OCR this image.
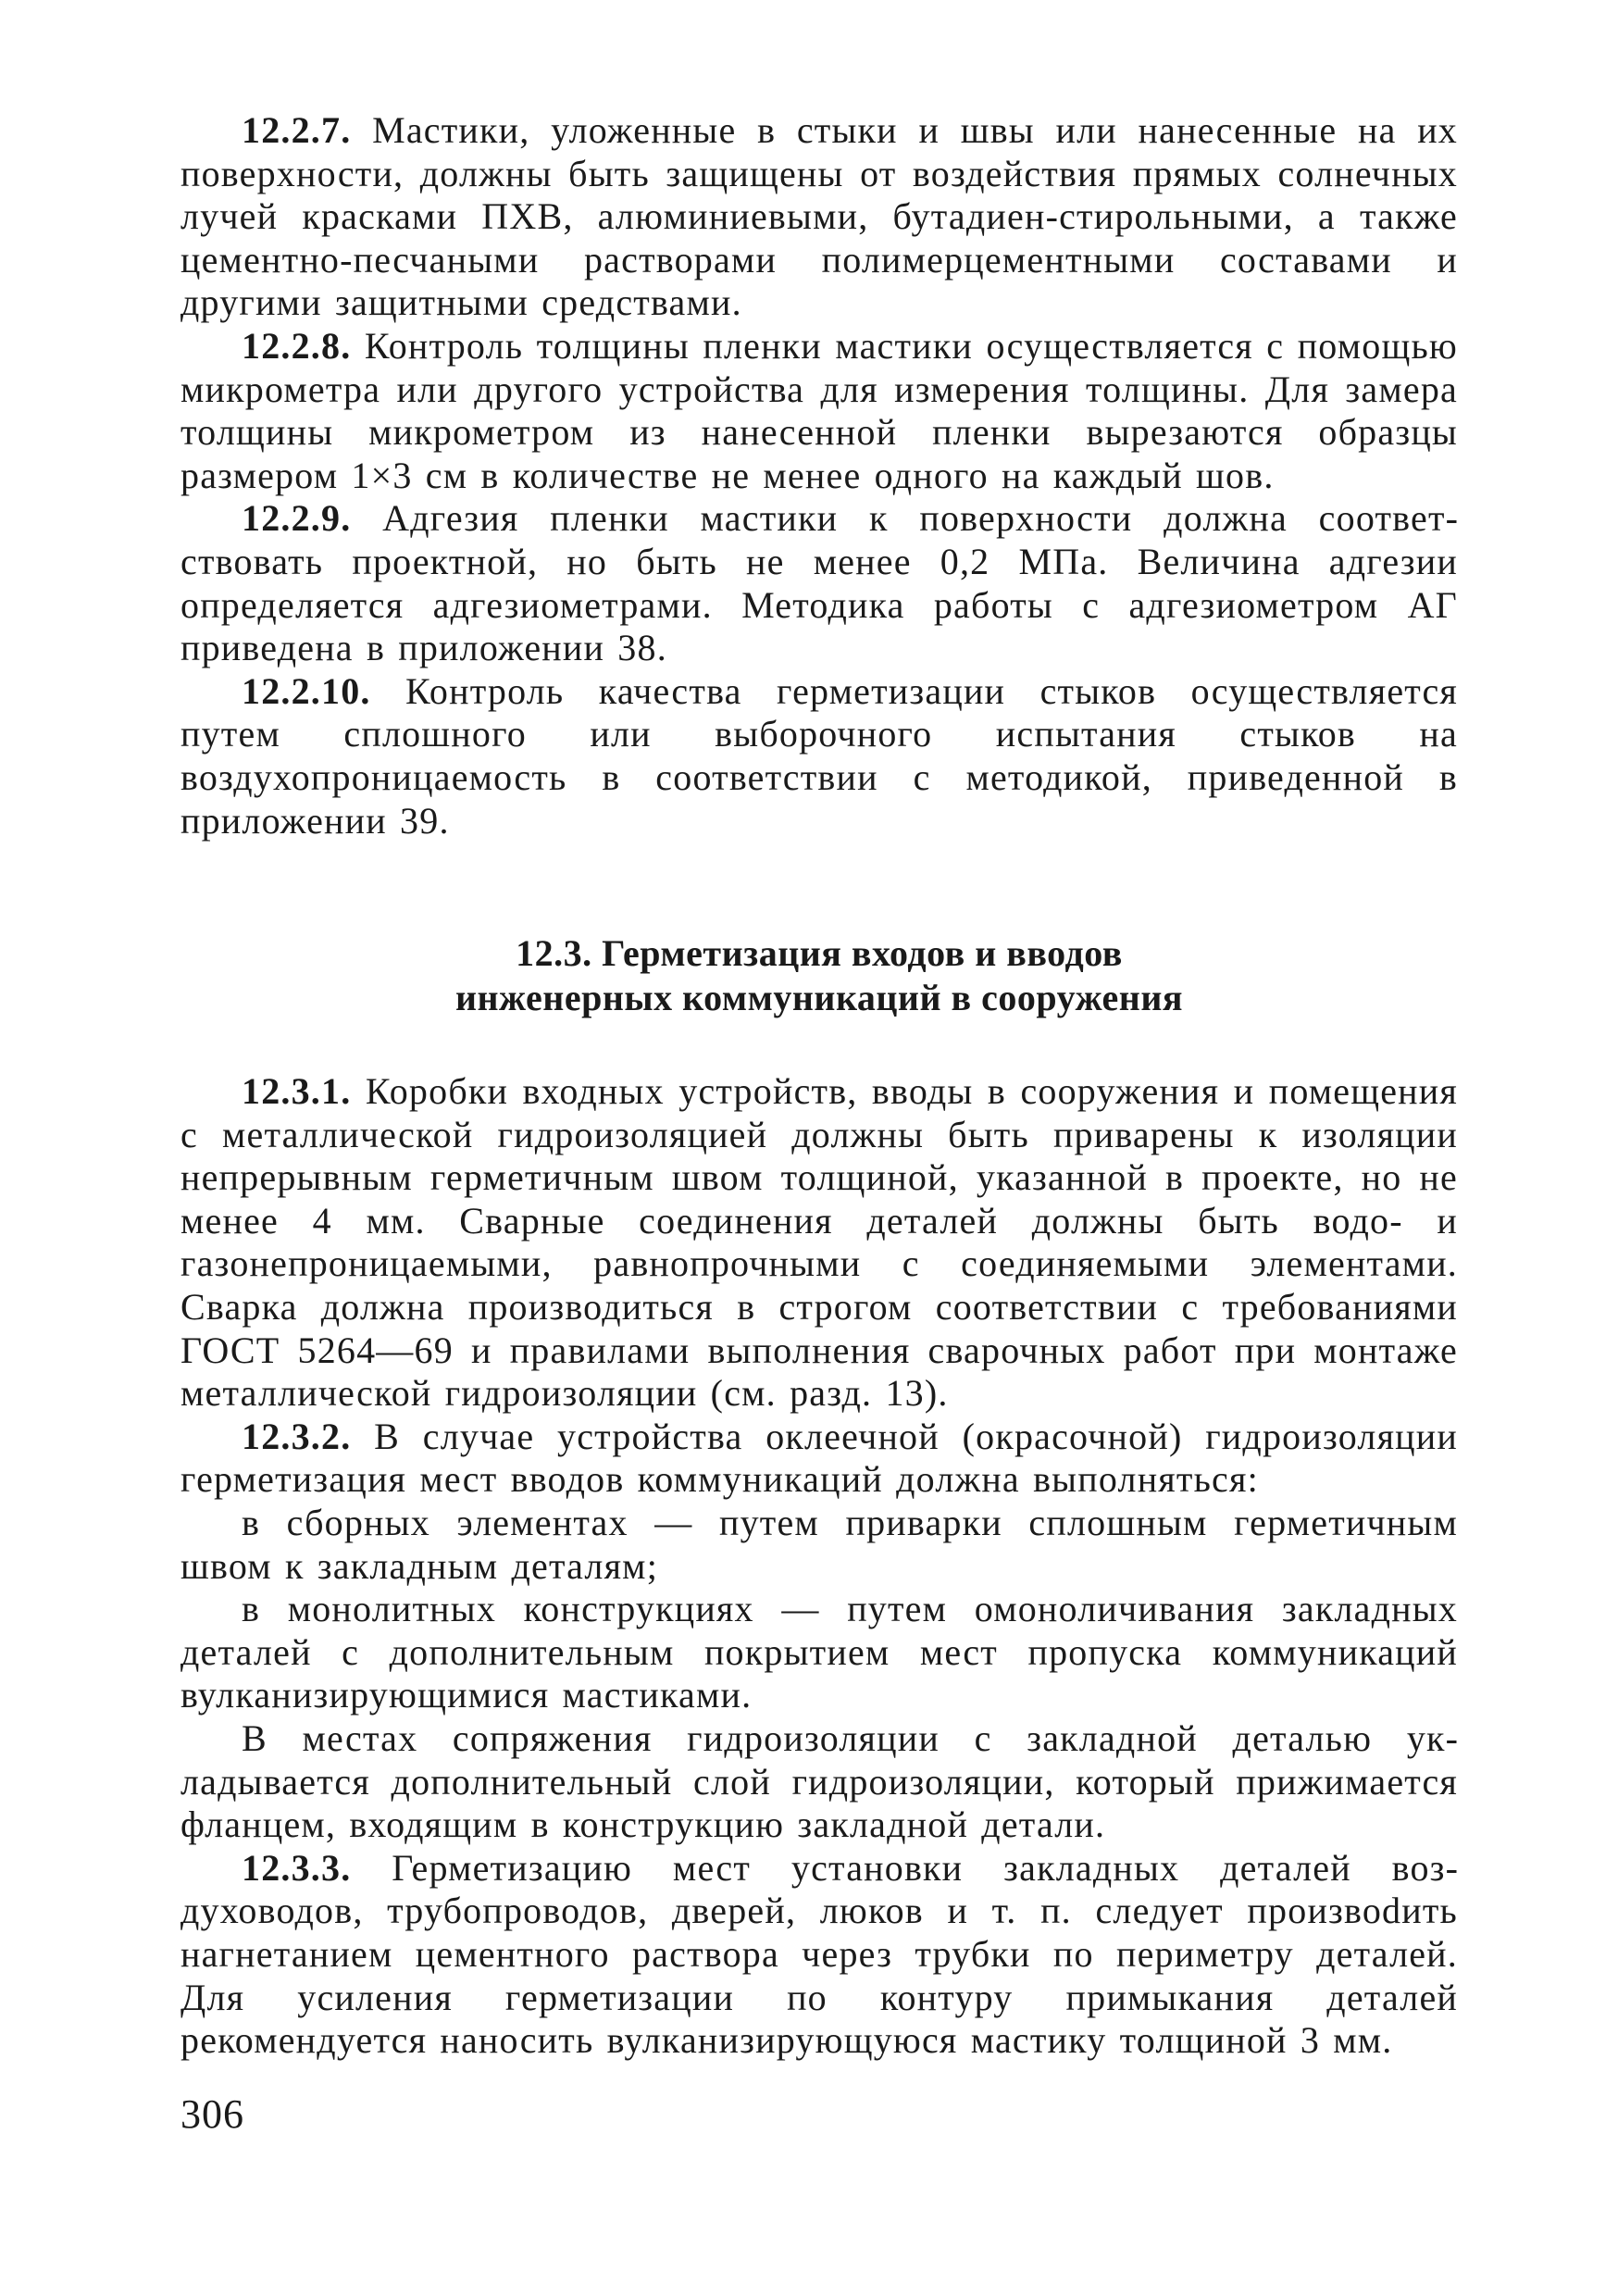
12.2.7. Мастики, уложенные в стыки и швы или нанесенные на их поверхности, должны быть защищены от воздействия прямых солнечных лучей красками ПХВ, алюминиевыми, бутадиен-стирольными, а также цементно-песчаными растворами полимерцементными составами и другими защитными средствами.

12.2.8. Контроль толщины пленки мастики осуществляется с помощью микрометра или другого устройства для измерения толщины. Для замера толщины микрометром из нанесенной пленки вырезаются образцы размером 1×3 см в количестве не менее одного на каждый шов.

12.2.9. Адгезия пленки мастики к поверхности должна соответствовать проектной, но быть не менее 0,2 МПа. Величина адгезии определяется адгезиометрами. Методика работы с адгезиометром АГ приведена в приложении 38.

12.2.10. Контроль качества герметизации стыков осуществляется путем сплошного или выборочного испытания стыков на воздухопроницаемость в соответствии с методикой, приведенной в приложении 39.

12.3. Герметизация входов и вводов
инженерных коммуникаций в сооружения

12.3.1. Коробки входных устройств, вводы в сооружения и помещения с металлической гидроизоляцией должны быть приварены к изоляции непрерывным герметичным швом толщиной, указанной в проекте, но не менее 4 мм. Сварные соединения деталей должны быть водо- и газонепроницаемыми, равнопрочными с соединяемыми элементами. Сварка должна производиться в строгом соответствии с требованиями ГОСТ 5264—69 и правилами выполнения сварочных работ при монтаже металлической гидроизоляции (см. разд. 13).

12.3.2. В случае устройства оклеечной (окрасочной) гидроизоляции герметизация мест вводов коммуникаций должна выполняться:

в сборных элементах — путем приварки сплошным герметичным швом к закладным деталям;

в монолитных конструкциях — путем омоноличивания закладных деталей с дополнительным покрытием мест пропуска коммуникаций вулканизирующимися мастиками.

В местах сопряжения гидроизоляции с закладной деталью укладывается дополнительный слой гидроизоляции, который прижимается фланцем, входящим в конструкцию закладной детали.

12.3.3. Герметизацию мест установки закладных деталей воздуховодов, трубопроводов, дверей, люков и т. п. следует произвоdить нагнетанием цементного раствора через трубки по периметру деталей. Для усиления герметизации по контуру примыкания деталей рекомендуется наносить вулканизирующуюся мастику толщиной 3 мм.

306
